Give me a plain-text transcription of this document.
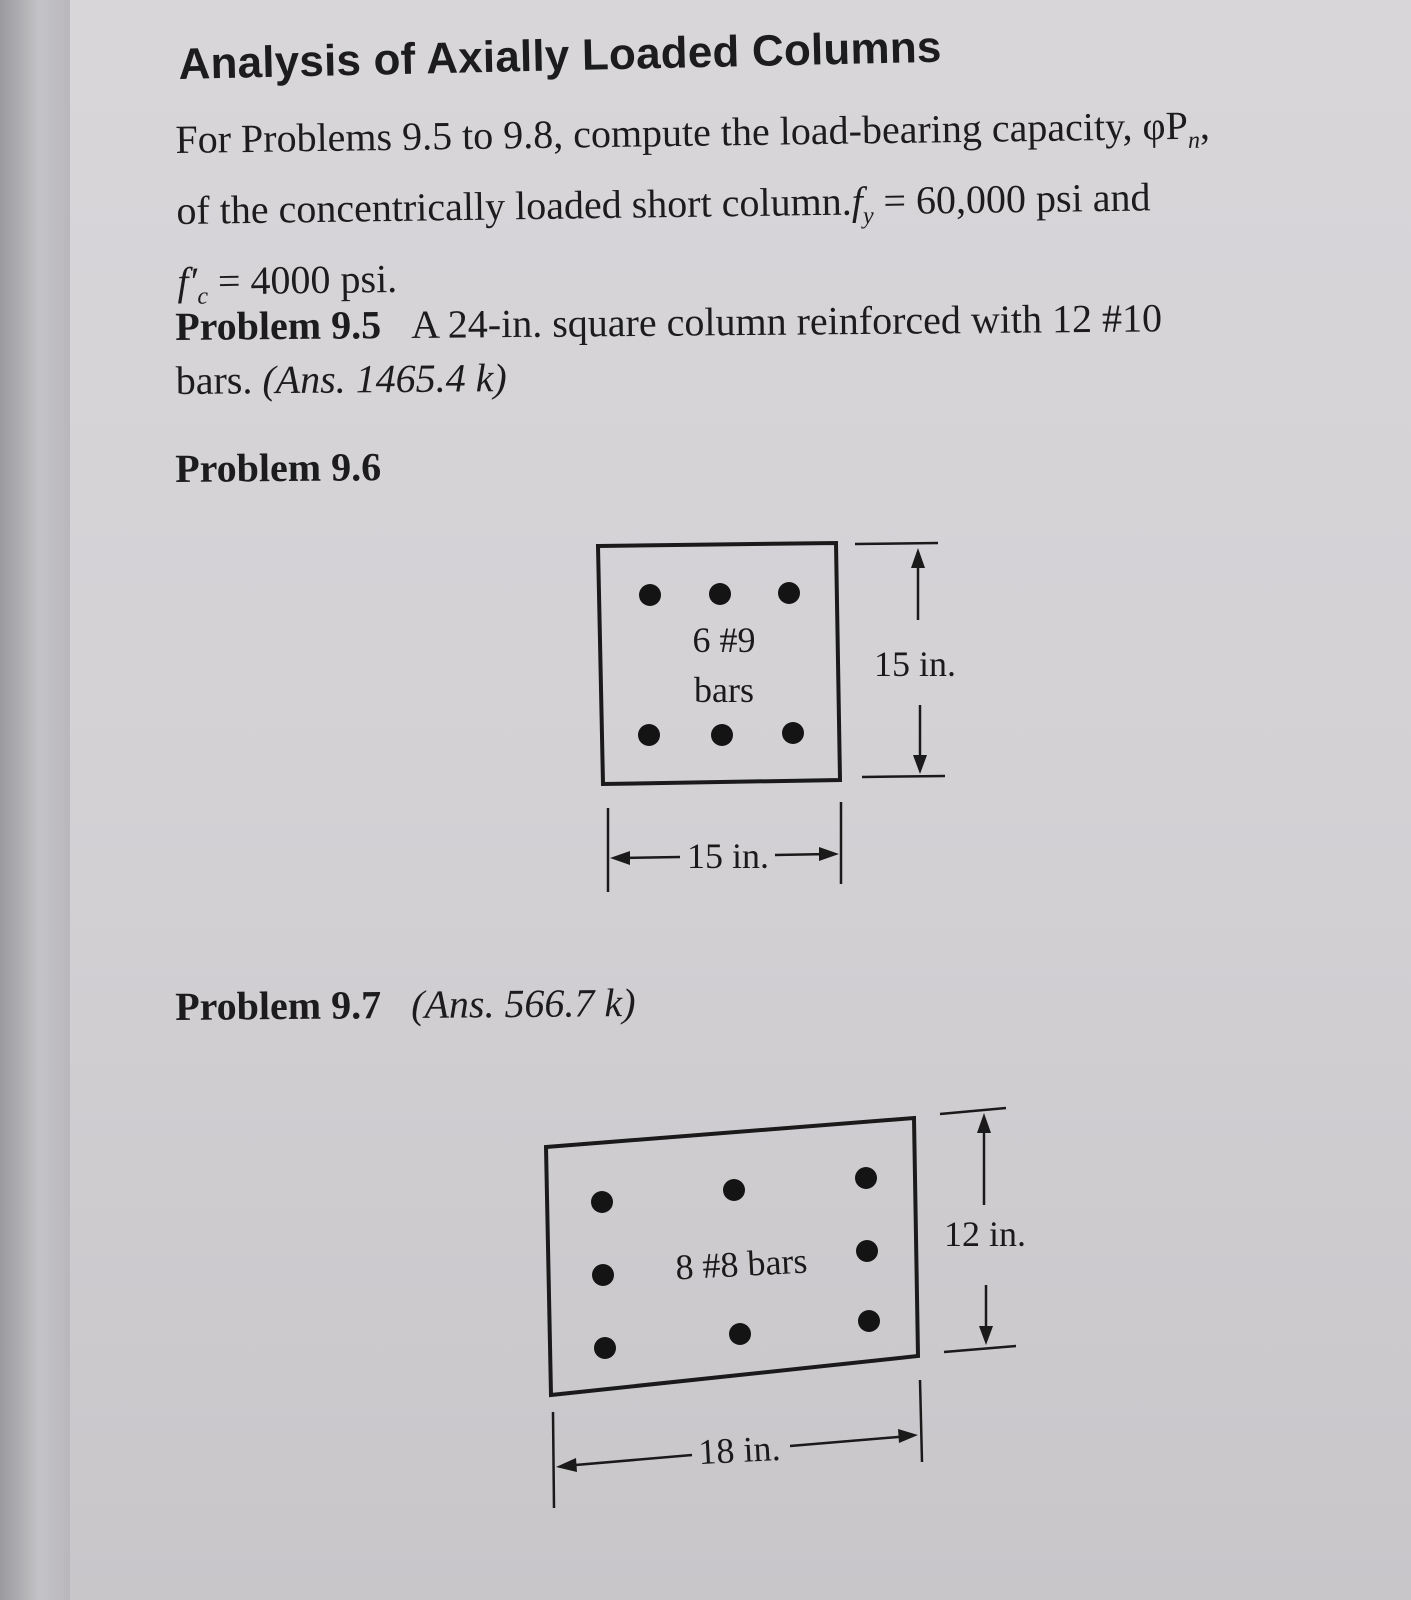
Analysis of Axially Loaded Columns
For Problems 9.5 to 9.8, compute the load-bearing capacity, $\varphi P_n$,
of the concentrically loaded short $column.f_y = 60,000$ psi and
$f'_c = 4000$ psi.
Problem 9.5 A 24-in. square column reinforced with 12 #10
bars. (Ans. 1465.4 k)
Problem 9.6
Problem 9.7 (Ans. 566.7 k)
6 #9
bars
15 in.
15 in.
8 #8 bars
12 in.
18 in.
